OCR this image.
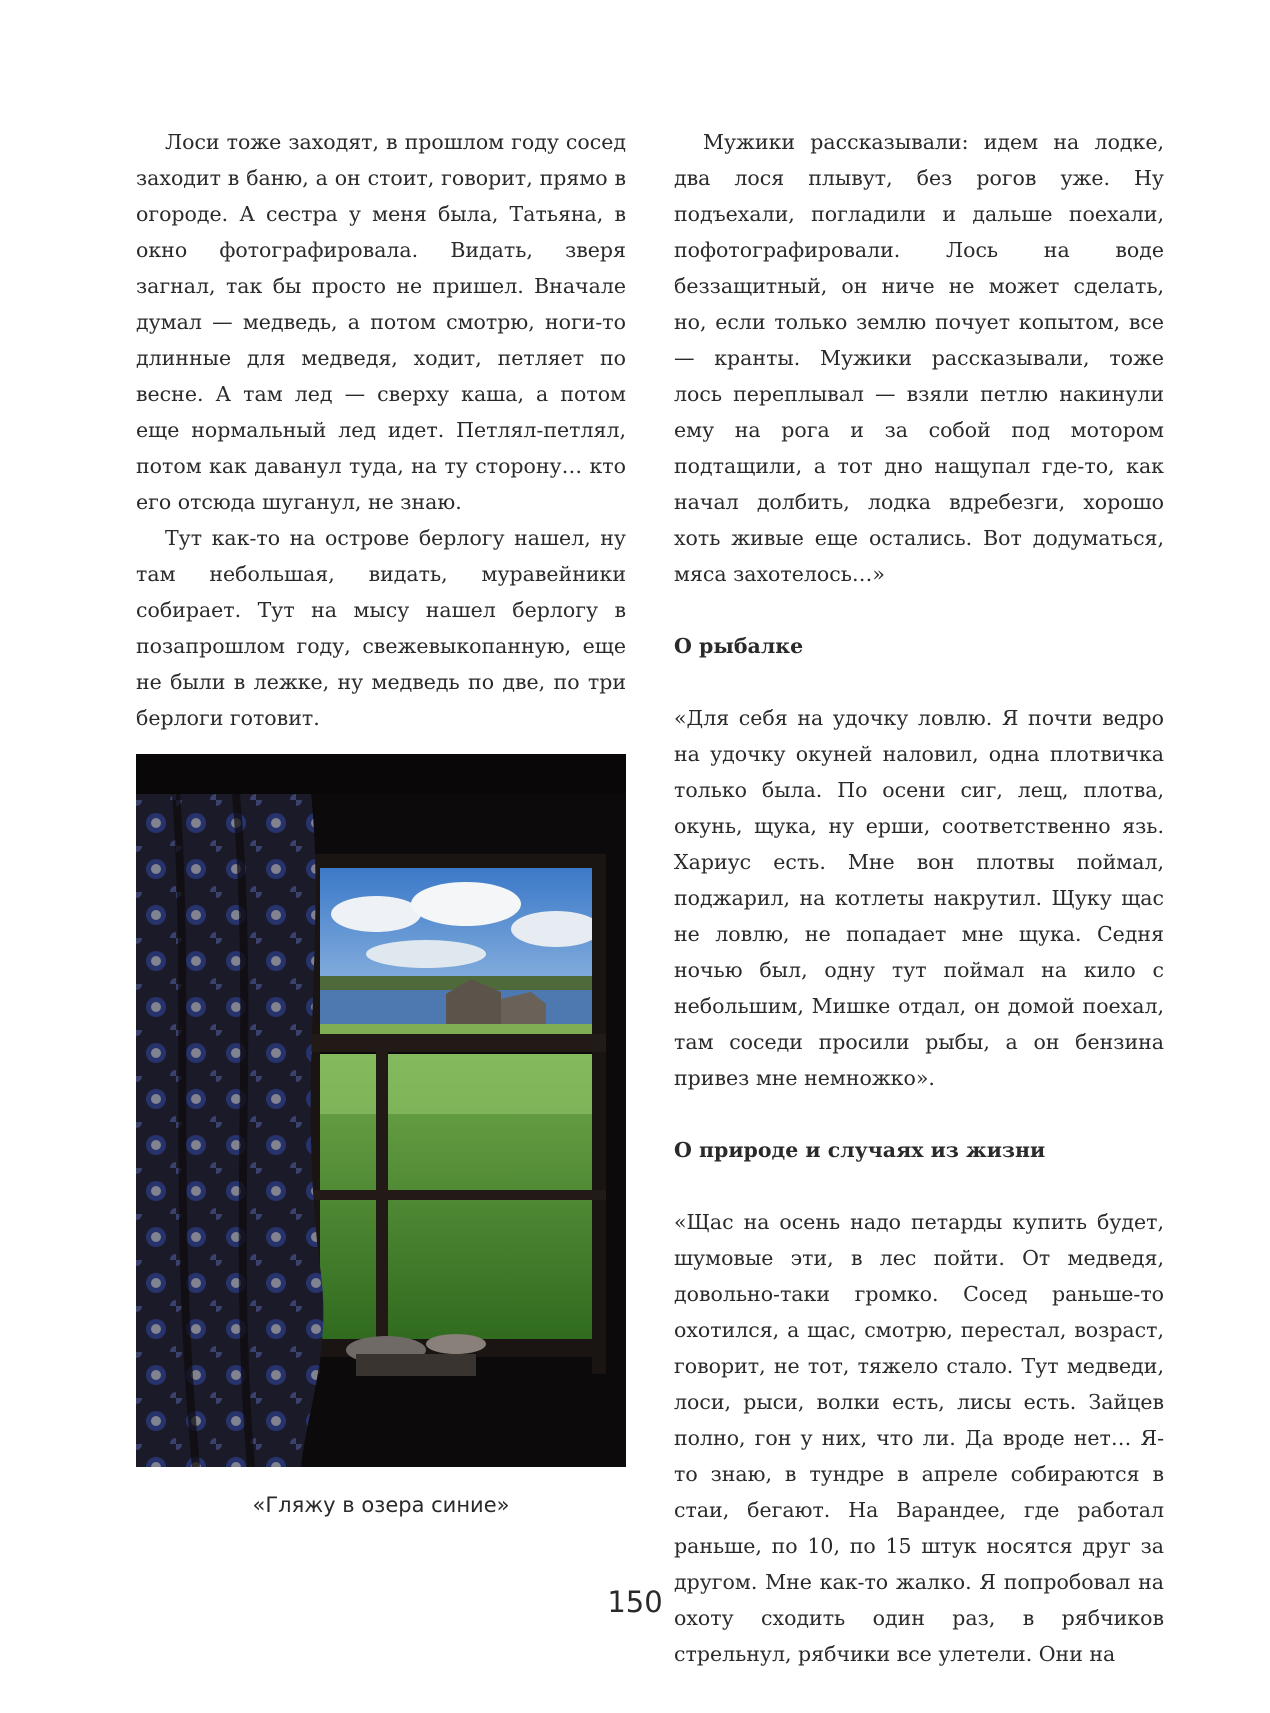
Лоси тоже заходят, в прошлом году сосед заходит в баню, а он стоит, говорит, прямо в огороде. А сестра у меня была, Татьяна, в окно фотографировала. Видать, зверя загнал, так бы просто не пришел. Вначале думал — медведь, а потом смотрю, ноги-то длинные для медведя, ходит, петляет по весне. А там лед — сверху каша, а потом еще нормальный лед идет. Петлял-петлял, потом как даванул туда, на ту сторону… кто его отсюда шуганул, не знаю.

Тут как-то на острове берлогу нашел, ну там небольшая, видать, муравейники собирает. Тут на мысу нашел берлогу в позапрошлом году, свежевыкопанную, еще не были в лежке, ну медведь по две, по три берлоги готовит.

«Гляжу в озера синие»

Мужики рассказывали: идем на лодке, два лося плывут, без рогов уже. Ну подъехали, погладили и дальше поехали, пофотографировали. Лось на воде беззащитный, он ниче не может сделать, но, если только землю почует копытом, все — кранты. Мужики рассказывали, тоже лось переплывал — взяли петлю накинули ему на рога и за собой под мотором подтащили, а тот дно нащупал где-то, как начал долбить, лодка вдребезги, хорошо хоть живые еще остались. Вот додуматься, мяса захотелось…»

О рыбалке

«Для себя на удочку ловлю. Я почти ведро на удочку окуней наловил, одна плотвичка только была. По осени сиг, лещ, плотва, окунь, щука, ну ерши, соответственно язь. Хариус есть. Мне вон плотвы поймал, поджарил, на котлеты накрутил. Щуку щас не ловлю, не попадает мне щука. Седня ночью был, одну тут поймал на кило с небольшим, Мишке отдал, он домой поехал, там соседи просили рыбы, а он бензина привез мне немножко».

О природе и случаях из жизни

«Щас на осень надо петарды купить будет, шумовые эти, в лес пойти. От медведя, довольно-таки громко. Сосед раньше-то охотился, а щас, смотрю, перестал, возраст, говорит, не тот, тяжело стало. Тут медведи, лоси, рыси, волки есть, лисы есть. Зайцев полно, гон у них, что ли. Да вроде нет… Я-то знаю, в тундре в апреле собираются в стаи, бегают. На Варандее, где работал раньше, по 10, по 15 штук носятся друг за другом. Мне как-то жалко. Я попробовал на охоту сходить один раз, в рябчиков стрельнул, рябчики все улетели. Они на

150
